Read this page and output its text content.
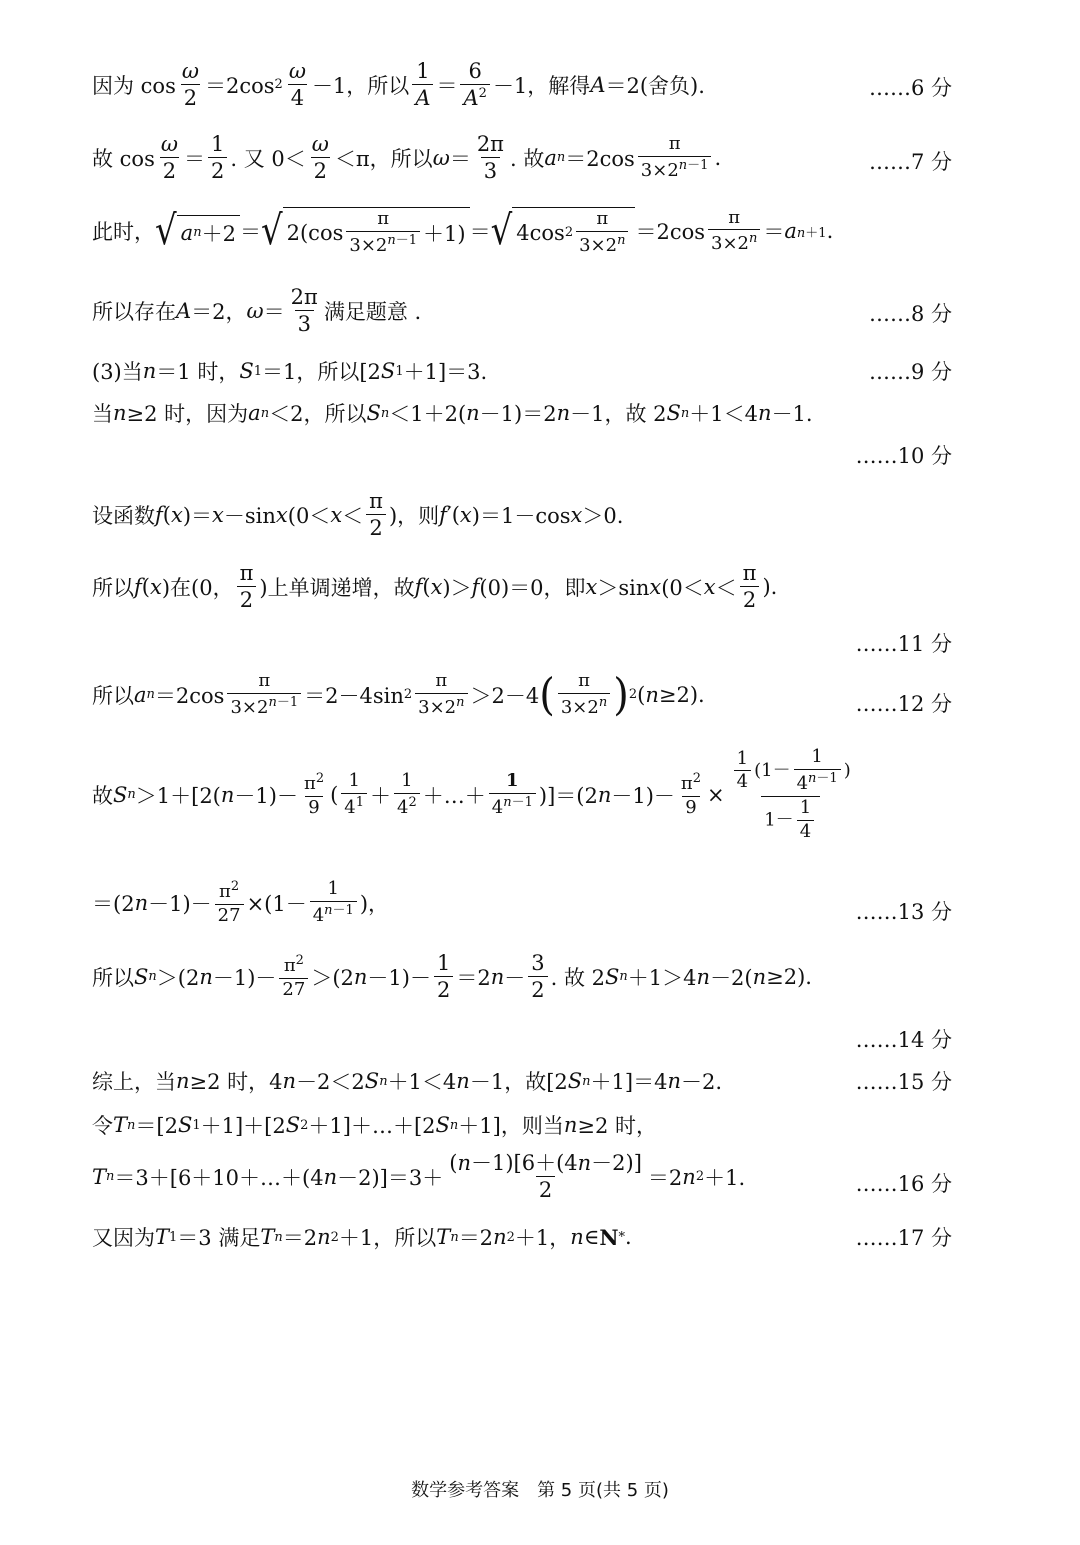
因为 $\cos \frac{\omega}{2} =2\cos$ $2 \frac{\omega}{4} -1$，所以 $\frac{1}{A} = \frac{6}{A^2} -1$，解得 A ＝2(舍负).	……6 分
故 $\cos \frac{\omega}{2} = \frac{1}{2}$ . 又 $0< \frac{\omega}{2} <\pi$，所以 $\omega = \frac{2\pi}{3}$ . 故 a $n =2\cos \frac{\pi}{3\times 2^{n-1}}$ .	……7 分
此时， √ a n ＋2 ＝ √ $2(\cos \frac{\pi}{3\times 2^{n-1}} +1)$ ＝ √ 4cos $2 \frac{\pi}{3\times 2^n} =2\cos \frac{\pi}{3\times 2^n} = a$ n＋1 .
所以存在 A ＝2， $\omega = \frac{2\pi}{3}$ 满足题意 .	……8 分
(3)当 n ＝1 时， S 1 ＝1，所以[2 S 1 ＋1]＝3.	……9 分
当 n ≥2 时，因为 a n ＜2，所以 S n ＜1＋2( n －1)＝2 n －1，故 2 S n ＋1＜4 n －1.
……10 分
设函数 f ( x )＝ x －sin x ($0< x < \frac{\pi}{2}$ )，则 f ′( x )＝1－cos x ＞0.
所以 f ( x )在(0， $\frac{\pi}{2}$ )上单调递增，故 f ( x )＞ f (0)＝0，即 x ＞sin x ($0< x < \frac{\pi}{2}$ ).
……11 分
所以 a $n =2\cos \frac{\pi}{3\times 2^{n-1}} =2-4\sin$ $2 \frac{\pi}{3\times 2^n} >2-4$ ( $\frac{\pi}{3\times 2^n}$ ) 2 ( n ≥2).	……12 分
故 S n ＞1＋[2( $n -1)- \frac{\pi^2}{9}$ ( $\frac{1}{4^1} + \frac{1}{4^2}$ ＋…＋ $\frac{1}{4^{n-1}} )]=(2$ $n -1)- \frac{\pi^2}{9} \times \frac{\frac{1}{4} (1- \frac{1}{4^{n-1}} )}{1- \frac{1}{4}}$
＝(2 $n -1)- \frac{\pi^2}{27} \times(1- \frac{1}{4^{n-1}}$ )，	……13 分
所以 S n ＞(2 $n -1)- \frac{\pi^2}{27} >(2$ $n -1)- \frac{1}{2} =2$ $n - \frac{3}{2}$ . 故 2 S n ＋1＞4 n －2( n ≥2).
……14 分
综上，当 n ≥2 时，4 n －2＜2 S n ＋1＜4 n －1，故[2 S n ＋1]＝4 n －2.	……15 分
令 T n ＝[2 S 1 ＋1]＋[2 S 2 ＋1]＋…＋[2 S n ＋1]，则当 n ≥2 时，
T n ＝3＋[6＋10＋…＋(4 $n -2)]=3+ \frac{(n-1)[6+(4n-2)]}{2} =2$ n 2 ＋1.	……16 分
又因为 T 1 ＝3 满足 T n ＝2 n 2 ＋1，所以 T n ＝2 n 2 ＋1， n ∈ N * .	……17 分
数学参考答案　第 5 页(共 5 页)
